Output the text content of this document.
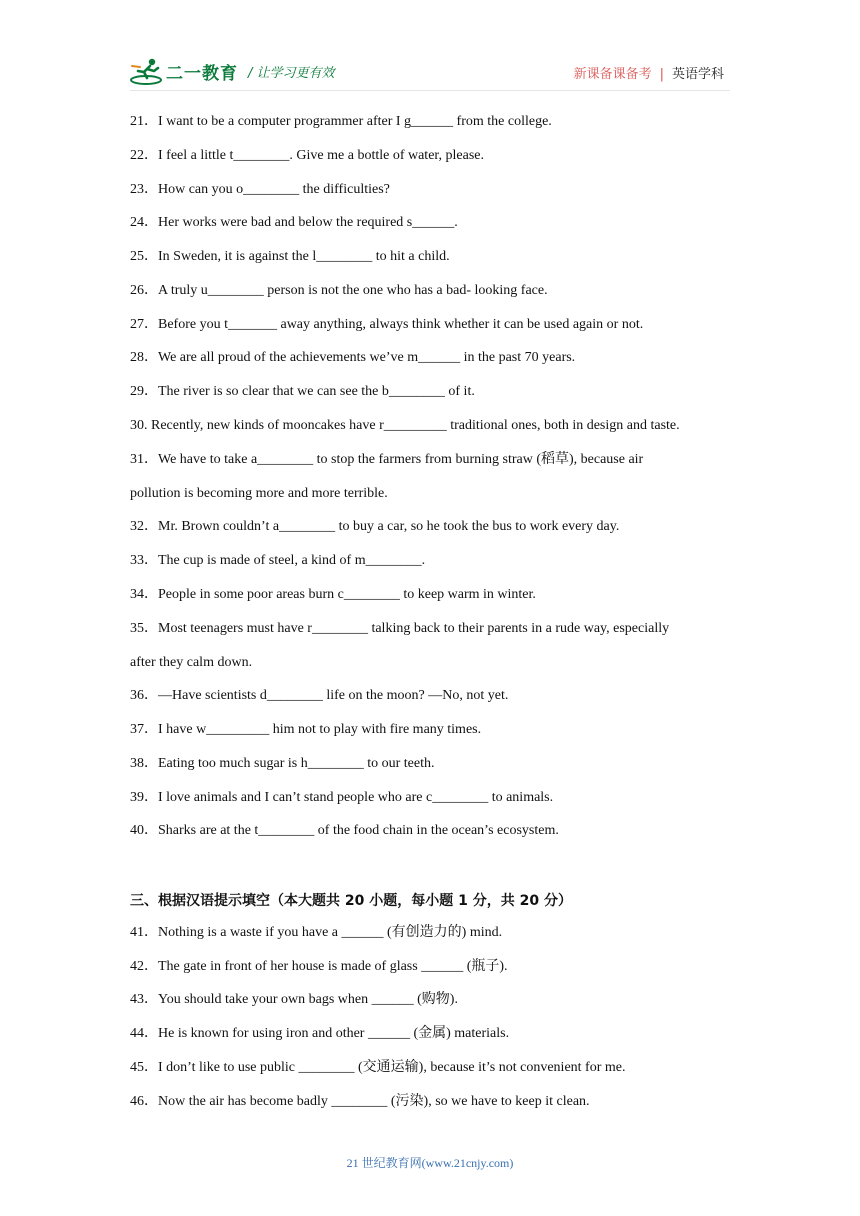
二一教育 / 让学习更有效	新课备课备考 | 英语学科
21．I want to be a computer programmer after I g______ from the college.
22．I feel a little t________. Give me a bottle of water, please.
23．How can you o________ the difficulties?
24．Her works were bad and below the required s______.
25．In Sweden, it is against the l________ to hit a child.
26．A truly u________ person is not the one who has a bad- looking face.
27．Before you t_______ away anything, always think whether it can be used again or not.
28．We are all proud of the achievements we’ve m______ in the past 70 years.
29．The river is so clear that we can see the b________ of it.
30. Recently, new kinds of mooncakes have r_________ traditional ones, both in design and taste.
31．We have to take a________ to stop the farmers from burning straw (稻草), because air
pollution is becoming more and more terrible.
32．Mr. Brown couldn’t a________ to buy a car, so he took the bus to work every day.
33．The cup is made of steel, a kind of m________.
34．People in some poor areas burn c________ to keep warm in winter.
35．Most teenagers must have r________ talking back to their parents in a rude way, especially
after they calm down.
36．—Have scientists d________ life on the moon? —No, not yet.
37．I have w_________ him not to play with fire many times.
38．Eating too much sugar is h________ to our teeth.
39．I love animals and I can’t stand people who are c________ to animals.
40．Sharks are at the t________ of the food chain in the ocean’s ecosystem.
三、根据汉语提示填空（本大题共 20 小题，每小题 1 分，共 20 分）
41．Nothing is a waste if you have a ______ (有创造力的) mind.
42．The gate in front of her house is made of glass ______ (瓶子).
43．You should take your own bags when ______ (购物).
44．He is known for using iron and other ______ (金属) materials.
45．I don’t like to use public ________ (交通运输), because it’s not convenient for me.
46．Now the air has become badly ________ (污染), so we have to keep it clean.
21 世纪教育网(www.21cnjy.com)
